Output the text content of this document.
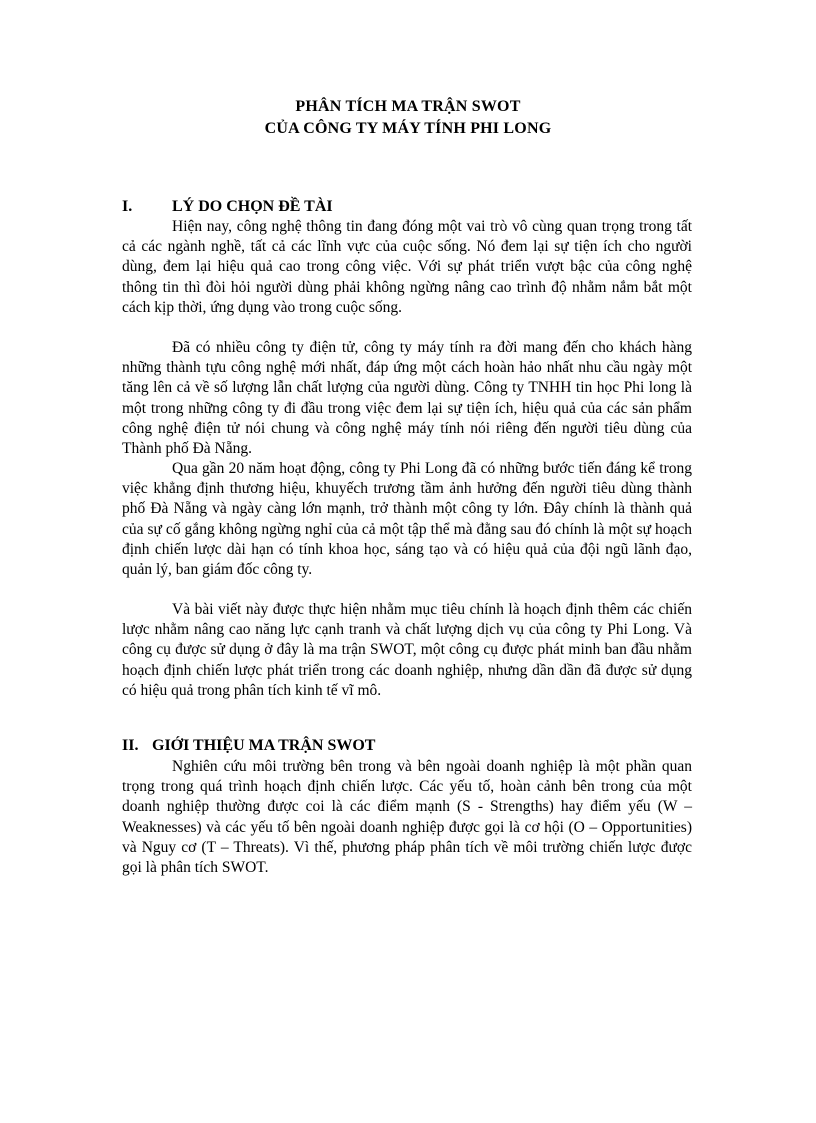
PHÂN TÍCH MA TRẬN SWOT
CỦA CÔNG TY MÁY TÍNH PHI LONG
I. LÝ DO CHỌN ĐỀ TÀI

Hiện nay, công nghệ thông tin đang đóng một vai trò vô cùng quan trọng trong tất cả các ngành nghề, tất cả các lĩnh vực của cuộc sống. Nó đem lại sự tiện ích cho người dùng, đem lại hiệu quả cao trong công việc. Với sự phát triển vượt bậc của công nghệ thông tin thì đòi hỏi người dùng phải không ngừng nâng cao trình độ nhằm nắm bắt một cách kịp thời, ứng dụng vào trong cuộc sống.

Đã có nhiều công ty điện tử, công ty máy tính ra đời mang đến cho khách hàng những thành tựu công nghệ mới nhất, đáp ứng một cách hoàn hảo nhất nhu cầu ngày một tăng lên cả về số lượng lẫn chất lượng của người dùng. Công ty TNHH tin học Phi long là một trong những công ty đi đầu trong việc đem lại sự tiện ích, hiệu quả của các sản phẩm công nghệ điện tử nói chung và công nghệ máy tính nói riêng đến người tiêu dùng của Thành phố Đà Nẵng.

Qua gần 20 năm hoạt động, công ty Phi Long đã có những bước tiến đáng kể trong việc khẳng định thương hiệu, khuyếch trương tầm ảnh hưởng đến người tiêu dùng thành phố Đà Nẵng và ngày càng lớn mạnh, trở thành một công ty lớn. Đây chính là thành quả của sự cố gắng không ngừng nghỉ của cả một tập thể mà đằng sau đó chính là một sự hoạch định chiến lược dài hạn có tính khoa học, sáng tạo và có hiệu quả của đội ngũ lãnh đạo, quản lý, ban giám đốc công ty.

Và bài viết này được thực hiện nhằm mục tiêu chính là hoạch định thêm các chiến lược nhằm nâng cao năng lực cạnh tranh và chất lượng dịch vụ của công ty Phi Long. Và công cụ được sử dụng ở đây là ma trận SWOT, một công cụ được phát minh ban đầu nhằm hoạch định chiến lược phát triển trong các doanh nghiệp, nhưng dần dần đã được sử dụng có hiệu quả trong phân tích kinh tế vĩ mô.

II. GIỚI THIỆU MA TRẬN SWOT

Nghiên cứu môi trường bên trong và bên ngoài doanh nghiệp là một phần quan trọng trong quá trình hoạch định chiến lược. Các yếu tố, hoàn cảnh bên trong của một doanh nghiệp thường được coi là các điểm mạnh (S - Strengths) hay điểm yếu (W – Weaknesses) và các yếu tố bên ngoài doanh nghiệp được gọi là cơ hội (O – Opportunities) và Nguy cơ (T – Threats). Vì thế, phương pháp phân tích về môi trường chiến lược được gọi là phân tích SWOT.
